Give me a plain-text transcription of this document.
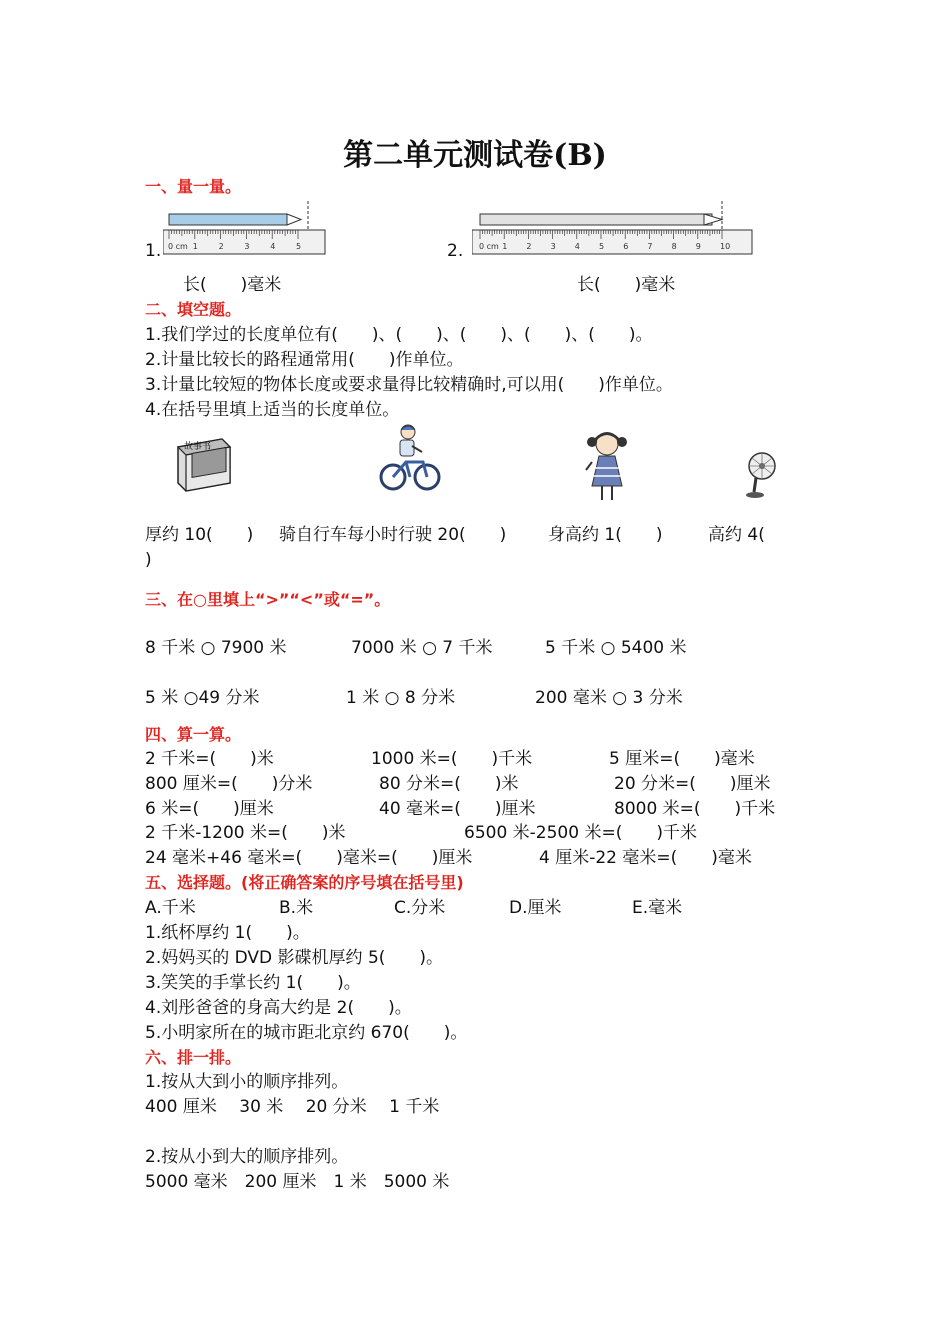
第二单元测试卷(B)
一、量一量。
1.	2.
0 cm 1	2	3	4	5	0 cm 1 2 3 4 5 6 7 8 9 10
长(　　)毫米	长(　　)毫米
二、填空题。
1.我们学过的长度单位有(　　)、(　　)、(　　)、(　　)、(　　)。
2.计量比较长的路程通常用(　　)作单位。
3.计量比较短的物体长度或要求量得比较精确时,可以用(　　)作单位。
4.在括号里填上适当的长度单位。
故事书
厚约 10(　　) 骑自行车每小时行驶 20(　　) 身高约 1(　　)	高约 4(
)
三、在○里填上“>”“<”或“=”。
8 千米 ○ 7900 米	7000 米 ○ 7 千米	5 千米 ○ 5400 米
5 米 ○49 分米	1 米 ○ 8 分米	200 毫米 ○ 3 分米
四、算一算。
2 千米=(　　)米	1000 米=(　　)千米	5 厘米=(　　)毫米
800 厘米=(　　)分米	80 分米=(　　)米	20 分米=(　　)厘米
6 米=(　　)厘米	40 毫米=(　　)厘米	8000 米=(　　)千米
2 千米-1200 米=(　　)米	6500 米-2500 米=(　　)千米
24 毫米+46 毫米=(　　)毫米=(　　)厘米	4 厘米-22 毫米=(　　)毫米
五、选择题。(将正确答案的序号填在括号里)
A.千米	B.米	C.分米	D.厘米	E.毫米
1.纸杯厚约 1(　　)。
2.妈妈买的 DVD 影碟机厚约 5(　　)。
3.笑笑的手掌长约 1(　　)。
4.刘彤爸爸的身高大约是 2(　　)。
5.小明家所在的城市距北京约 670(　　)。
六、排一排。
1.按从大到小的顺序排列。
400 厘米　 30 米　 20 分米　 1 千米
2.按从小到大的顺序排列。
5000 毫米　200 厘米　1 米　5000 米
